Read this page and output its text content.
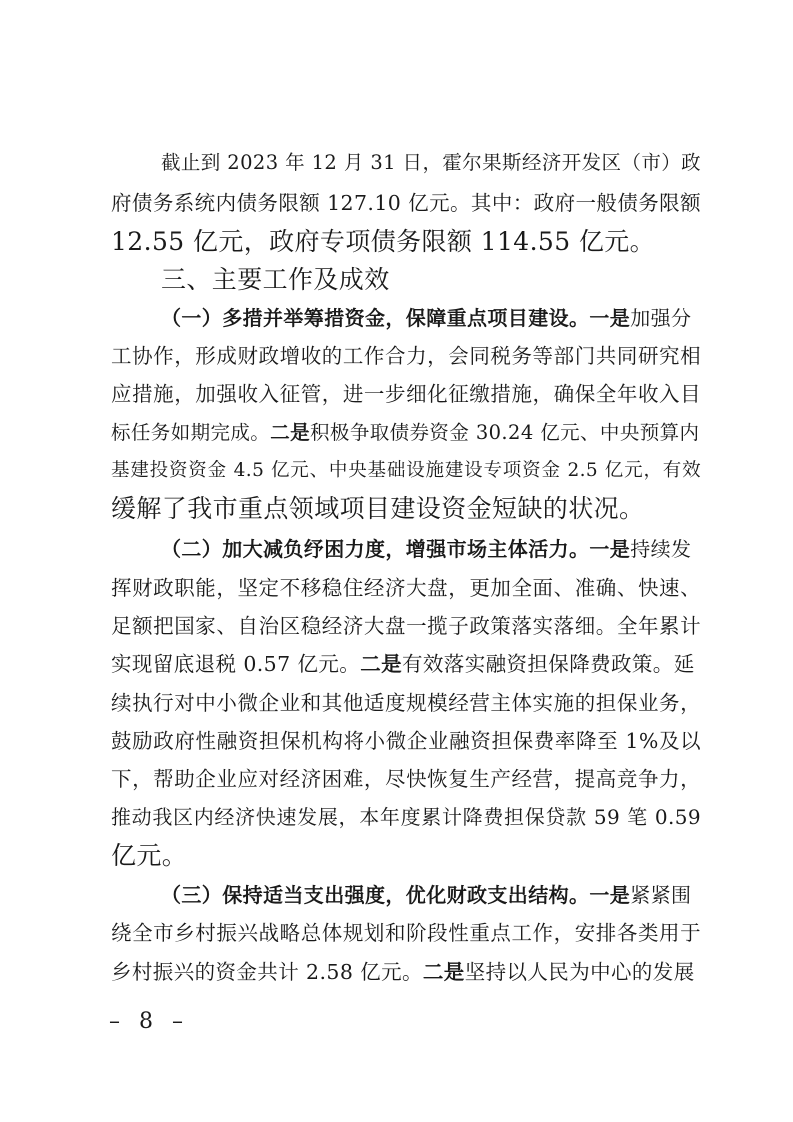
截止到 2023 年 12 月 31 日，霍尔果斯经济开发区（市）政
府债务系统内债务限额 127.10 亿元。其中：政府一般债务限额
12.55 亿元，政府专项债务限额 114.55 亿元。
三、主要工作及成效
（一）多措并举筹措资金，保障重点项目建设。一是加强分
工协作，形成财政增收的工作合力，会同税务等部门共同研究相
应措施，加强收入征管，进一步细化征缴措施，确保全年收入目
标任务如期完成。二是积极争取债券资金 30.24 亿元、中央预算内
基建投资资金 4.5 亿元、中央基础设施建设专项资金 2.5 亿元，有效
缓解了我市重点领域项目建设资金短缺的状况。
（二）加大减负纾困力度，增强市场主体活力。一是持续发
挥财政职能，坚定不移稳住经济大盘，更加全面、准确、快速、
足额把国家、自治区稳经济大盘一揽子政策落实落细。全年累计
实现留底退税 0.57 亿元。二是有效落实融资担保降费政策。延
续执行对中小微企业和其他适度规模经营主体实施的担保业务，
鼓励政府性融资担保机构将小微企业融资担保费率降至 1%及以
下，帮助企业应对经济困难，尽快恢复生产经营，提高竞争力，
推动我区内经济快速发展，本年度累计降费担保贷款 59 笔 0.59
亿元。
（三）保持适当支出强度，优化财政支出结构。一是紧紧围
绕全市乡村振兴战略总体规划和阶段性重点工作，安排各类用于
乡村振兴的资金共计 2.58 亿元。二是坚持以人民为中心的发展
– 8 –
